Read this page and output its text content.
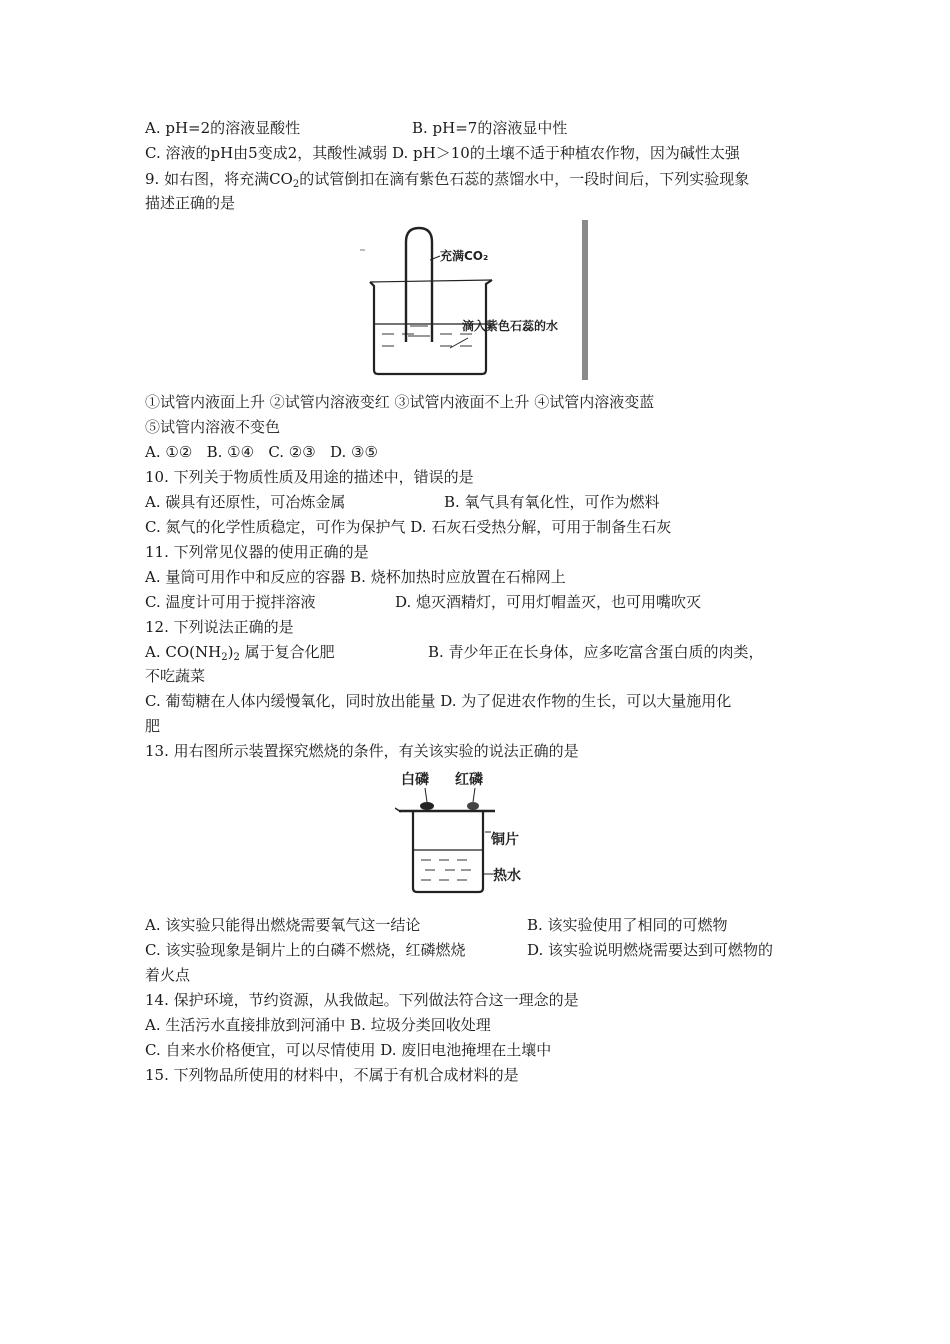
A. pH=2的溶液显酸性	B. pH=7的溶液显中性
C. 溶液的pH由5变成2，其酸性减弱 D. pH＞10的土壤不适于种植农作物，因为碱性太强
9. 如右图，将充满$CO_2$的试管倒扣在滴有紫色石蕊的蒸馏水中，一段时间后，下列实验现象
描述正确的是
充满CO₂
滴入紫色石蕊的水
①试管内液面上升 ②试管内溶液变红 ③试管内液面不上升 ④试管内溶液变蓝
⑤试管内溶液不变色
A. ①②   B. ①④   C. ②③   D. ③⑤
10. 下列关于物质性质及用途的描述中，错误的是
A. 碳具有还原性，可冶炼金属	B. 氧气具有氧化性，可作为燃料
C. 氮气的化学性质稳定，可作为保护气 D. 石灰石受热分解，可用于制备生石灰
11. 下列常见仪器的使用正确的是
A. 量筒可用作中和反应的容器 B. 烧杯加热时应放置在石棉网上
C. 温度计可用于搅拌溶液	D. 熄灭酒精灯，可用灯帽盖灭，也可用嘴吹灭
12. 下列说法正确的是
A. $CO(NH_2)_2$ 属于复合化肥	B. 青少年正在长身体，应多吃富含蛋白质的肉类，
不吃蔬菜
C. 葡萄糖在人体内缓慢氧化，同时放出能量 D. 为了促进农作物的生长，可以大量施用化
肥
13. 用右图所示装置探究燃烧的条件，有关该实验的说法正确的是
白磷 红磷
铜片
热水
A. 该实验只能得出燃烧需要氧气这一结论	B. 该实验使用了相同的可燃物
C. 该实验现象是铜片上的白磷不燃烧，红磷燃烧	D. 该实验说明燃烧需要达到可燃物的
着火点
14. 保护环境，节约资源，从我做起。下列做法符合这一理念的是
A. 生活污水直接排放到河涌中 B. 垃圾分类回收处理
C. 自来水价格便宜，可以尽情使用 D. 废旧电池掩埋在土壤中
15. 下列物品所使用的材料中，不属于有机合成材料的是
